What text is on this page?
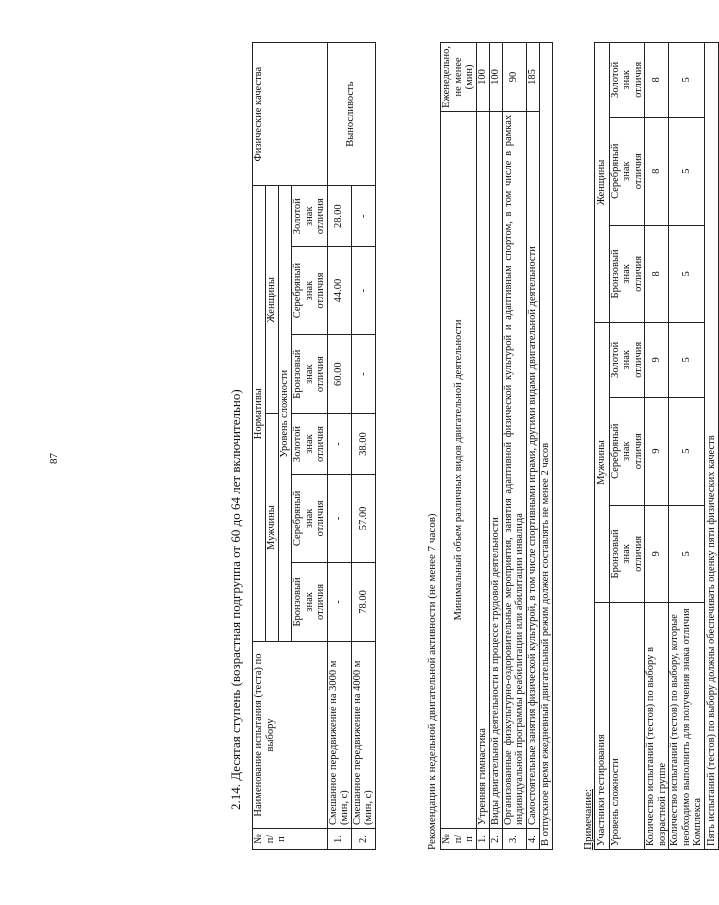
87
Примечание: Участники тестирования	Мужчины			Женщины		
Уровень сложности	Бронзовый
знак
отличия	Серебряный
знак
отличия	Золотой
знак
отличия	Бронзовый
знак
отличия	Серебряный
знак
отличия	Золотой
знак
отличия
Количество испытаний (тестов) по выбору в возрастной группе	9	9	9	8	8	8
Количество испытаний (тестов) по выбору, которые необходимо выполнить для получения знака отличия Комплекса	5	5	5	5	5	5
Пять испытаний (тестов) по выбору должны обеспечивать оценку пяти физических качеств						
Рекомендации к недельной двигательной активности (не менее 7 часов) № п/п	Минимальный объем различных видов двигательной деятельности	Еженедельно, не менее (мин)
1.	Утренняя гимнастика	100
2.	Виды двигательной деятельности в процессе трудовой деятельности	100
3.	Организованные физкультурно-оздоровительные мероприятия, занятия адаптивной физической культурой и адаптивным спортом, в том числе в рамках индивидуальной программы реабилитации или абилитации инвалида	90
4.	Самостоятельные занятия физической культурой, в том числе спортивными играми, другими видами двигательной деятельности	185
В отпускное время ежедневный двигательный режим должен составлять не менее 2 часов		
2.14. Десятая ступень (возрастная подгруппа от 60 до 64 лет включительно)
№ п/п	Наименование испытания (теста) по выбору	Нормативы						Физические качества
		Мужчины			Женщины			
		Уровень сложности						
		Бронзовый
знак
отличия	Серебряный
знак
отличия	Золотой
знак
отличия	Бронзовый
знак
отличия	Серебряный
знак
отличия	Золотой
знак
отличия	
1.	Смешанное передвижение на 3000 м (мин, с)	-	-	-	60.00	44.00	28.00	Выносливость
2.	Смешанное передвижение на 4000 м (мин, с)	78.00	57.00	38.00	-	-	-	
